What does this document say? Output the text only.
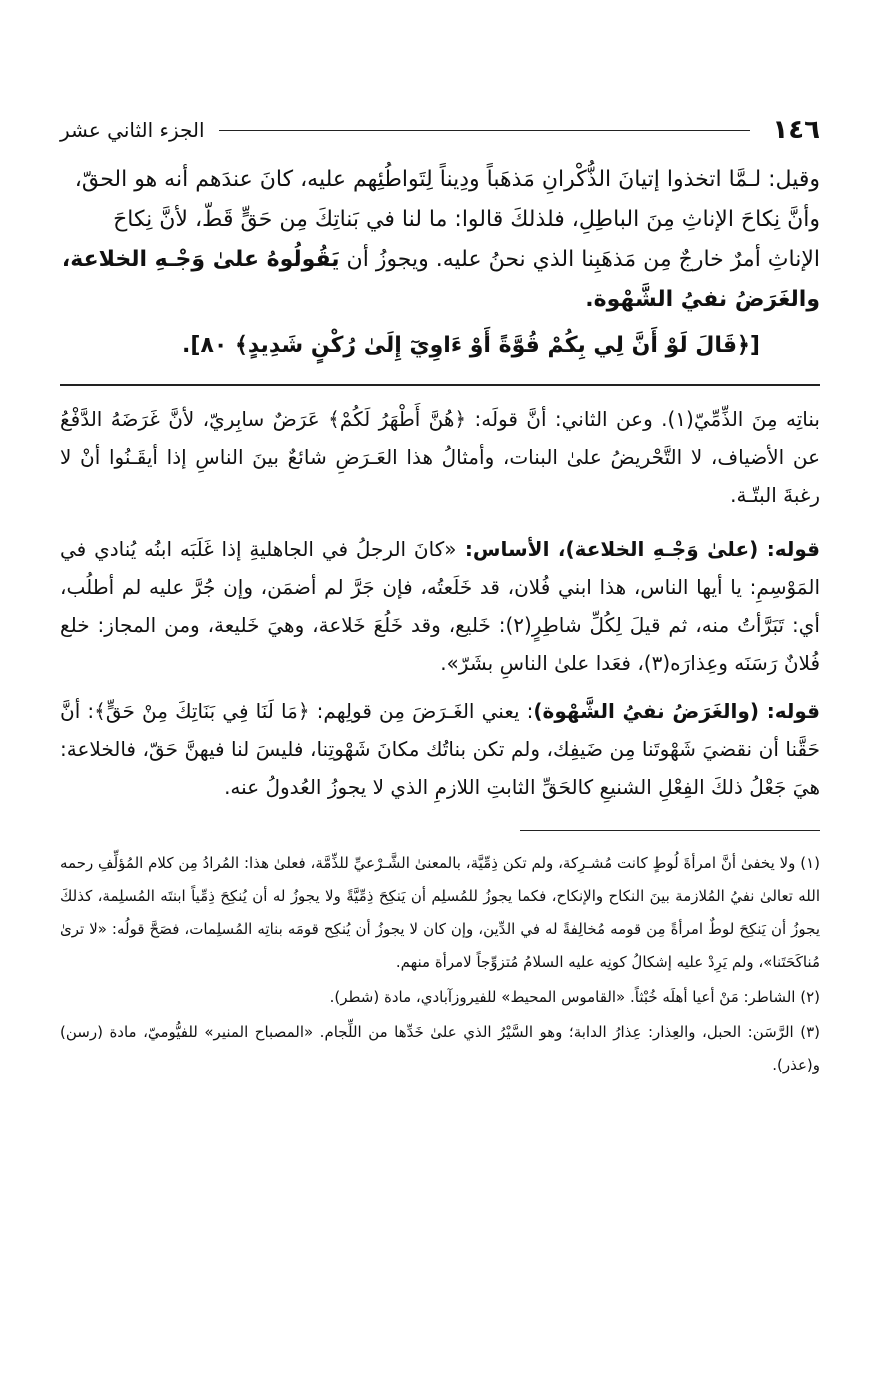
١٤٦
الجزء الثاني عشر

وقيل: لـمَّا اتخذوا إتيانَ الذُّكْرانِ مَذهَباً ودِيناً لِتَواطُئِهم عليه، كانَ عندَهم أنه هو الحقّ،

وأنَّ نِكاحَ الإناثِ مِنَ الباطِلِ، فلذلكَ قالوا: ما لنا في بَناتِكَ مِن حَقٍّ قَطّ، لأنَّ نِكاحَ

الإناثِ أمرٌ خارجٌ مِن مَذهَبِنا الذي نحنُ عليه. ويجوزُ أن يَقُولُوهُ علىٰ وَجْـهِ الخلاعة،

والغَرَضُ نفيُ الشَّهْوة.

[﴿قَالَ لَوْ أَنَّ لِي بِكُمْ قُوَّةً أَوْ ءَاوِيٓ إِلَىٰ رُكْنٍ شَدِيدٍ﴾ ٨٠].

بناتِه مِنَ الذِّمِّيّ(١). وعن الثاني: أنَّ قولَه: ﴿هُنَّ أَطْهَرُ لَكُمْ﴾ عَرَضٌ سابِريّ، لأنَّ غَرَضَهُ الدَّفْعُ عن الأضياف، لا التَّحْريضُ علىٰ البنات، وأمثالُ هذا العَـرَضِ شائعٌ بينَ الناسِ إذا أيقَـنُوا أنْ لا رغبةَ البتّـة.

قوله: (علىٰ وَجْـهِ الخلاعة)، الأساس: «كانَ الرجلُ في الجاهليةِ إذا غَلَبَه ابنُه يُنادي في المَوْسِمِ: يا أيها الناس، هذا ابني فُلان، قد خَلَعتُه، فإن جَرَّ لم أضمَن، وإن جُرَّ عليه لم أطلُب، أي: تَبَرَّأتُ منه، ثم قيلَ لِكُلِّ شاطِرٍ(٢): خَليع، وقد خَلُعَ خَلاعة، وهيَ خَليعة، ومن المجاز: خلع فُلانٌ رَسَنَه وعِذارَه(٣)، فعَدا علىٰ الناسِ بشَرّ».

قوله: (والغَرَضُ نفيُ الشَّهْوة): يعني الغَـرَضَ مِن قولِهم: ﴿مَا لَنَا فِي بَنَاتِكَ مِنْ حَقٍّ﴾: أنَّ حَقَّنا أن نقضيَ شَهْوتَنا مِن ضَيفِك، ولم تكن بناتُك مكانَ شَهْوتِنا، فليسَ لنا فيهنَّ حَقّ، فالخلاعة: هيَ جَعْلُ ذلكَ الفِعْلِ الشنيعِ كالحَقِّ الثابتِ اللازمِ الذي لا يجوزُ العُدولُ عنه.

(١) ولا يخفىٰ أنَّ امرأةَ لُوطٍ كانت مُشـرِكة، ولم تكن ذِمِّيَّة، بالمعنىٰ الشَّـرْعيِّ للذِّمَّة، فعلىٰ هذا: المُرادُ مِن كلام المُؤلِّفِ رحمه الله تعالىٰ نفيُ المُلازمة بينَ النكاح والإنكاح، فكما يجوزُ للمُسلِم أن يَنكِحَ ذِمِّيَّةً ولا يجوزُ له أن يُنكِحَ ذِمِّياً ابنتَه المُسلِمة، كذلكَ يجوزُ أن يَنكِحَ لوطٌ امرأةً مِن قومه مُخالِفةً له في الدِّين، وإن كان لا يجوزُ أن يُنكِح قومَه بناتِه المُسلِمات، فصَحَّ قولُه: «لا ترىٰ مُناكَحَتَنا»، ولم يَرِدْ عليه إشكالُ كونِه عليه السلامُ مُتزوِّجاً لامرأة منهم.

(٢) الشاطر: مَنْ أعيا أهلَه خُبْثاً. «القاموس المحيط» للفيروزآبادي، مادة (شطر).

(٣) الرَّسَن: الحبل، والعِذار: عِذارُ الدابة؛ وهو السَّيْرُ الذي علىٰ خَدِّها من اللِّجام. «المصباح المنير» للفيُّوميّ، مادة (رسن) و(عذر).
